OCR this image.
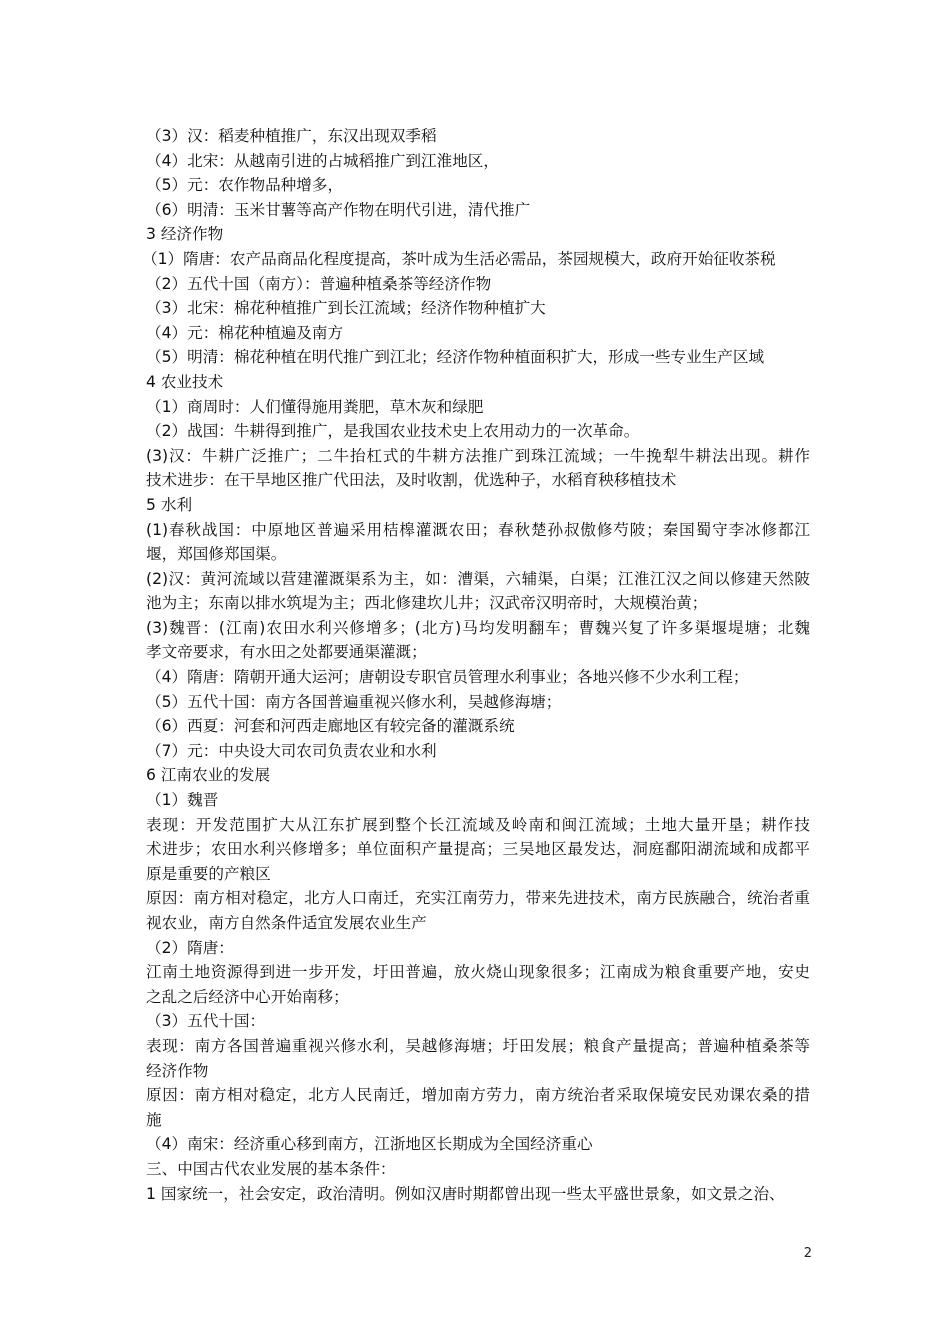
（3）汉：稻麦种植推广，东汉出现双季稻
（4）北宋：从越南引进的占城稻推广到江淮地区，
（5）元：农作物品种增多，
（6）明清：玉米甘薯等高产作物在明代引进，清代推广
3 经济作物
（1）隋唐：农产品商品化程度提高，茶叶成为生活必需品，茶园规模大，政府开始征收茶税
（2）五代十国（南方）：普遍种植桑茶等经济作物
（3）北宋：棉花种植推广到长江流域；经济作物种植扩大
（4）元：棉花种植遍及南方
（5）明清：棉花种植在明代推广到江北；经济作物种植面积扩大，形成一些专业生产区域
4 农业技术
（1）商周时：人们懂得施用粪肥，草木灰和绿肥
（2）战国：牛耕得到推广，是我国农业技术史上农用动力的一次革命。
(3)汉：牛耕广泛推广；二牛抬杠式的牛耕方法推广到珠江流域；一牛挽犁牛耕法出现。耕作
技术进步：在干旱地区推广代田法，及时收割，优选种子，水稻育秧移植技术
5 水利
(1)春秋战国：中原地区普遍采用桔槔灌溉农田；春秋楚孙叔傲修芍陂；秦国蜀守李冰修都江
堰，郑国修郑国渠。
(2)汉：黄河流域以营建灌溉渠系为主，如：漕渠，六辅渠，白渠；江淮江汉之间以修建天然陂
池为主；东南以排水筑堤为主；西北修建坎儿井；汉武帝汉明帝时，大规模治黄；
(3)魏晋：(江南)农田水利兴修增多；(北方)马均发明翻车；曹魏兴复了许多渠堰堤塘；北魏
孝文帝要求，有水田之处都要通渠灌溉；
（4）隋唐：隋朝开通大运河；唐朝设专职官员管理水利事业；各地兴修不少水利工程；
（5）五代十国：南方各国普遍重视兴修水利，吴越修海塘；
（6）西夏：河套和河西走廊地区有较完备的灌溉系统
（7）元：中央设大司农司负责农业和水利
6 江南农业的发展
（1）魏晋
表现：开发范围扩大从江东扩展到整个长江流域及岭南和闽江流域；土地大量开垦；耕作技
术进步；农田水利兴修增多；单位面积产量提高；三吴地区最发达，洞庭鄱阳湖流域和成都平
原是重要的产粮区
原因：南方相对稳定，北方人口南迁，充实江南劳力，带来先进技术，南方民族融合，统治者重
视农业，南方自然条件适宜发展农业生产
（2）隋唐：
江南土地资源得到进一步开发，圩田普遍，放火烧山现象很多；江南成为粮食重要产地，安史
之乱之后经济中心开始南移；
（3）五代十国：
表现：南方各国普遍重视兴修水利，吴越修海塘；圩田发展；粮食产量提高；普遍种植桑茶等
经济作物
原因：南方相对稳定，北方人民南迁，增加南方劳力，南方统治者采取保境安民劝课农桑的措
施
（4）南宋：经济重心移到南方，江浙地区长期成为全国经济重心
三、中国古代农业发展的基本条件：
1 国家统一，社会安定，政治清明。例如汉唐时期都曾出现一些太平盛世景象，如文景之治、
2
